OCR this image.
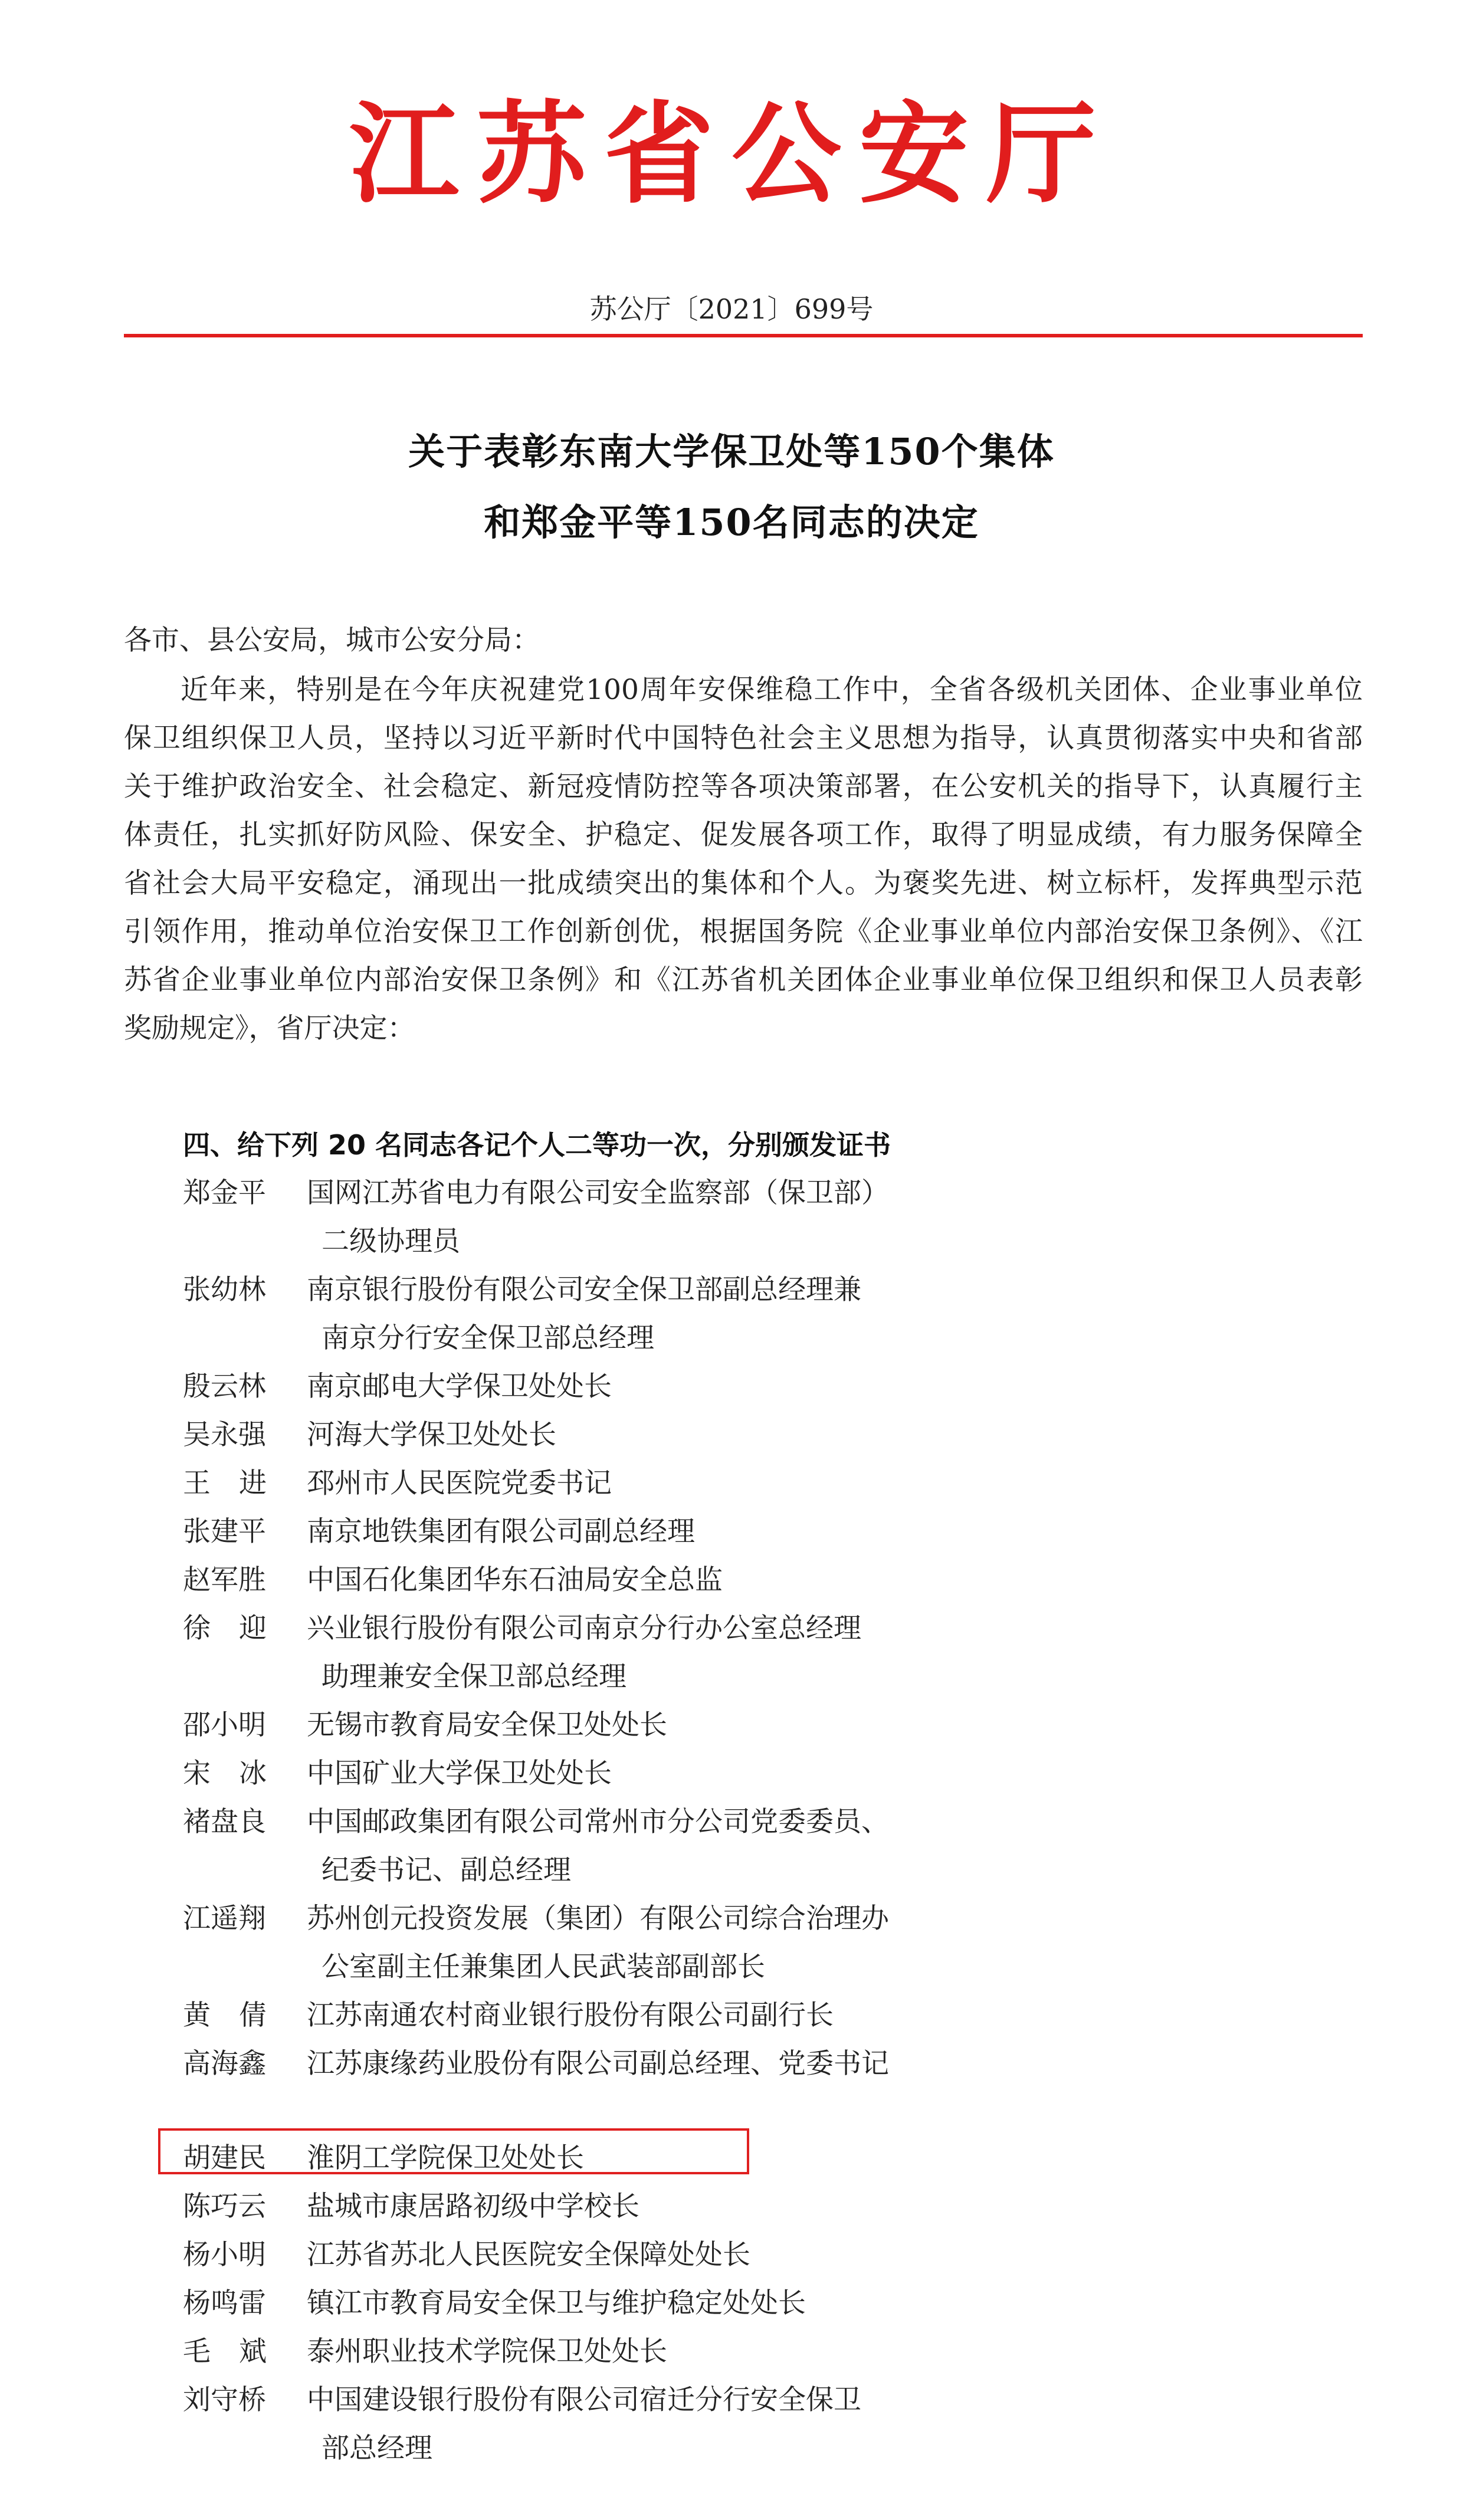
江苏省公安厅
苏公厅〔2021〕699号
关于表彰东南大学保卫处等150个集体
和郑金平等150名同志的决定
各市、县公安局，城市公安分局：
近年来，特别是在今年庆祝建党100周年安保维稳工作中，全省各级机关团体、企业事业单位
保卫组织保卫人员，坚持以习近平新时代中国特色社会主义思想为指导，认真贯彻落实中央和省部
关于维护政治安全、社会稳定、新冠疫情防控等各项决策部署，在公安机关的指导下，认真履行主
体责任，扎实抓好防风险、保安全、护稳定、促发展各项工作，取得了明显成绩，有力服务保障全
省社会大局平安稳定，涌现出一批成绩突出的集体和个人。为褒奖先进、树立标杆，发挥典型示范
引领作用，推动单位治安保卫工作创新创优，根据国务院《企业事业单位内部治安保卫条例》、《江
苏省企业事业单位内部治安保卫条例》和《江苏省机关团体企业事业单位保卫组织和保卫人员表彰
奖励规定》，省厅决定：
四、给下列 20 名同志各记个人二等功一次，分别颁发证书
郑金平 国网江苏省电力有限公司安全监察部（保卫部）
二级协理员
张幼林 南京银行股份有限公司安全保卫部副总经理兼
南京分行安全保卫部总经理
殷云林 南京邮电大学保卫处处长
吴永强 河海大学保卫处处长
王进 邳州市人民医院党委书记
张建平 南京地铁集团有限公司副总经理
赵军胜 中国石化集团华东石油局安全总监
徐迎 兴业银行股份有限公司南京分行办公室总经理
助理兼安全保卫部总经理
邵小明 无锡市教育局安全保卫处处长
宋冰 中国矿业大学保卫处处长
褚盘良 中国邮政集团有限公司常州市分公司党委委员、
纪委书记、副总经理
江遥翔 苏州创元投资发展（集团）有限公司综合治理办
公室副主任兼集团人民武装部副部长
黄倩 江苏南通农村商业银行股份有限公司副行长
高海鑫 江苏康缘药业股份有限公司副总经理、党委书记
胡建民 淮阴工学院保卫处处长
陈巧云 盐城市康居路初级中学校长
杨小明 江苏省苏北人民医院安全保障处处长
杨鸣雷 镇江市教育局安全保卫与维护稳定处处长
毛斌 泰州职业技术学院保卫处处长
刘守桥 中国建设银行股份有限公司宿迁分行安全保卫
部总经理
